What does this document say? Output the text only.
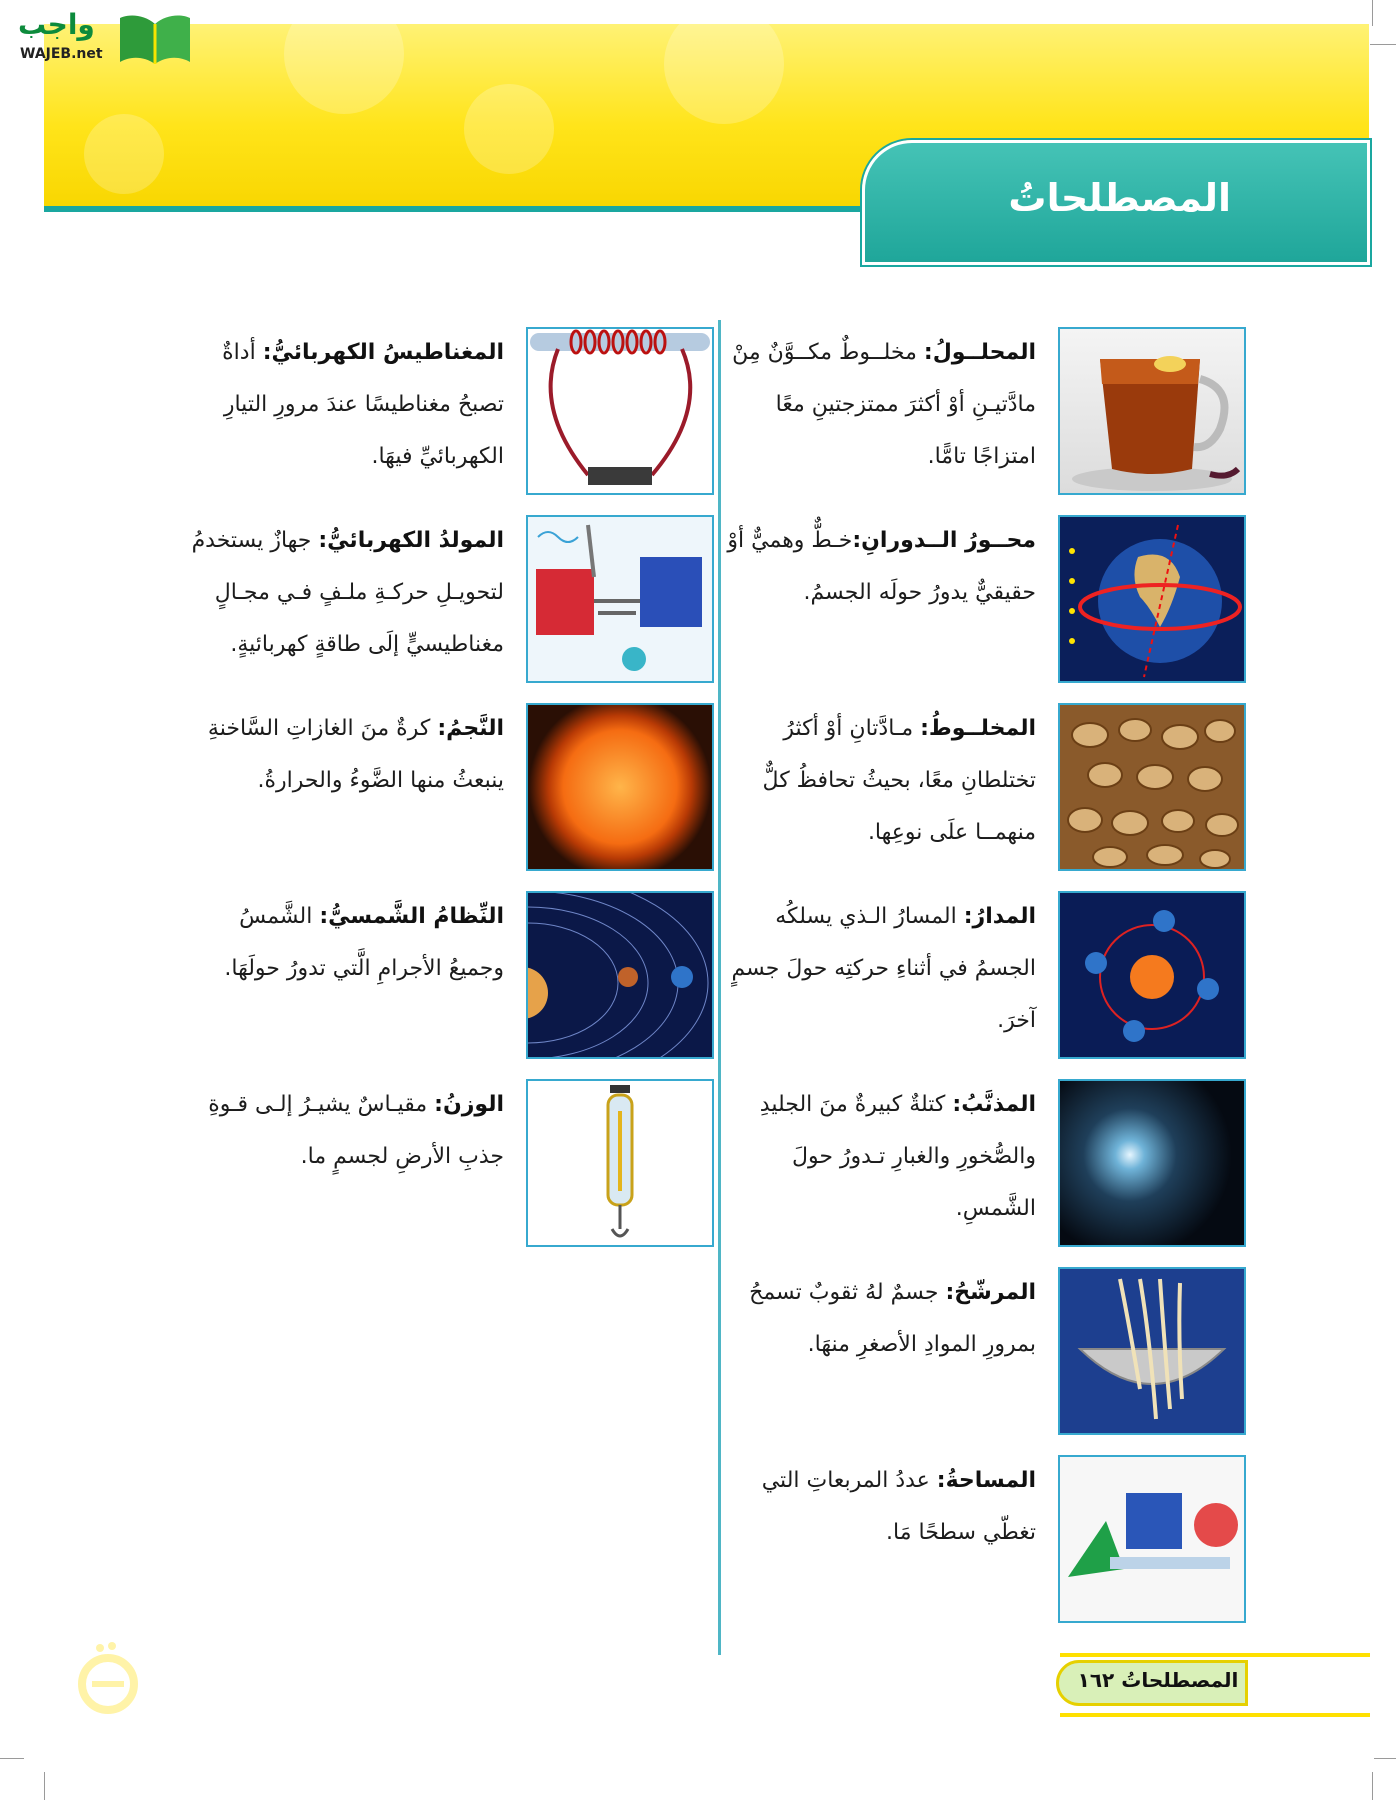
المصطلحاتُ
واجب
WAJEB.net
المحلــولُ: مخلــوطٌ مكــوَّنٌ مِنْ مادَّتيـنِ أوْ أكثرَ ممتزجتينِ معًا امتزاجًا تامًّا.
محــورُ الــدورانِ:خـطٌّ وهميٌّ أوْ حقيقيٌّ يدورُ حولَه الجسمُ.
المخلــوطُ: مـادَّتانِ أوْ أكثرُ تختلطانِ معًا، بحيثُ تحافظُ كلٌّ منهمــا علَى نوعِها.
المدارُ: المسارُ الـذي يسلكُه الجسمُ في أثناءِ حركتِه حولَ جسمٍ آخرَ.
المذنَّبُ: كتلةٌ كبيرةٌ منَ الجليدِ والصُّخورِ والغبارِ تـدورُ حولَ الشَّمسِ.
المرشّحُ: جسمٌ لهُ ثقوبٌ تسمحُ بمرورِ الموادِ الأصغرِ منهَا.
المساحةُ: عددُ المربعاتِ التي تغطّي سطحًا مَا.
المغناطيسُ الكهربائيُّ: أداةٌ تصبحُ مغناطيسًا عندَ مرورِ التيارِ الكهربائيِّ فيهَا.
المولدُ الكهربائيُّ: جهازٌ يستخدمُ لتحويـلِ حركـةِ ملـفٍ فـي مجـالٍ مغناطيسيٍّ إلَى طاقةٍ كهربائيةٍ.
النَّجمُ: كرةٌ منَ الغازاتِ السَّاخنةِ ينبعثُ منها الضَّوءُ والحرارةُ.
النِّظامُ الشَّمسيُّ: الشَّمسُ وجميعُ الأجرامِ الَّتي تدورُ حولَهَا.
الوزنُ: مقيـاسٌ يشيـرُ إلـى قـوةِ جذبِ الأرضِ لجسمٍ ما.
المصطلحاتُ ١٦٢
